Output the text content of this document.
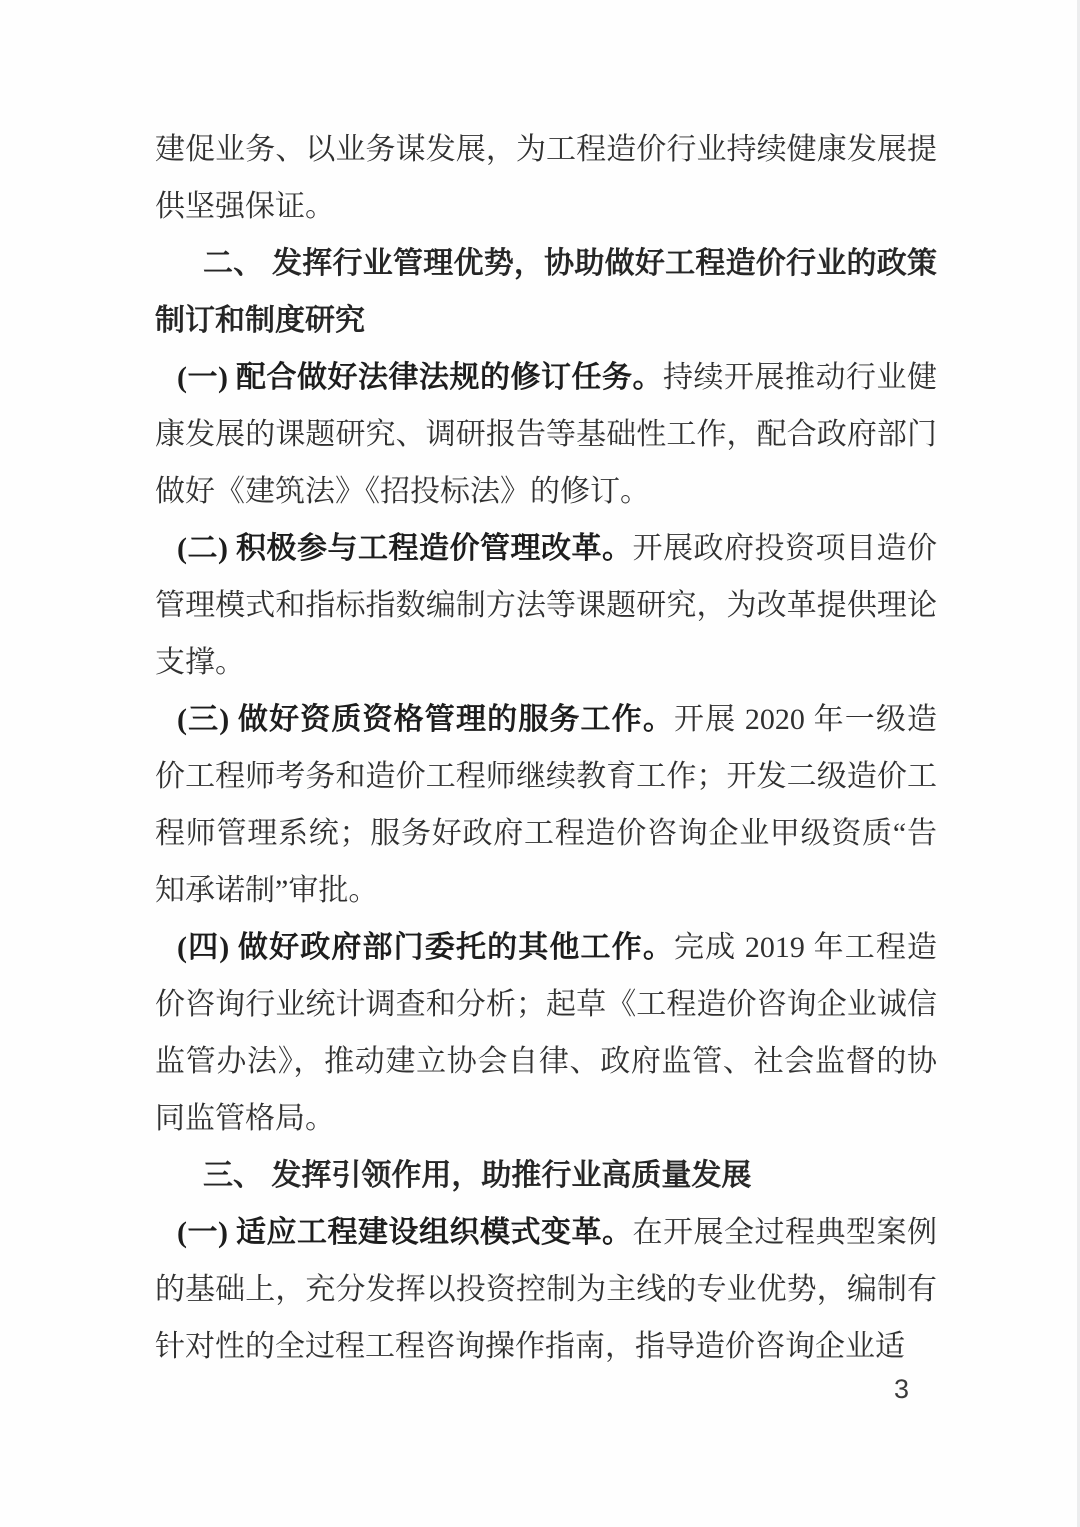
建促业务、以业务谋发展，为工程造价行业持续健康发展提供坚强保证。

二、 发挥行业管理优势，协助做好工程造价行业的政策制订和制度研究

(一) 配合做好法律法规的修订任务。持续开展推动行业健康发展的课题研究、调研报告等基础性工作，配合政府部门做好《建筑法》《招投标法》的修订。

(二) 积极参与工程造价管理改革。开展政府投资项目造价管理模式和指标指数编制方法等课题研究，为改革提供理论支撑。

(三) 做好资质资格管理的服务工作。开展 2020 年一级造价工程师考务和造价工程师继续教育工作；开发二级造价工程师管理系统；服务好政府工程造价咨询企业甲级资质“告知承诺制”审批。

(四) 做好政府部门委托的其他工作。完成 2019 年工程造价咨询行业统计调查和分析；起草《工程造价咨询企业诚信监管办法》，推动建立协会自律、政府监管、社会监督的协同监管格局。

三、 发挥引领作用，助推行业高质量发展

(一) 适应工程建设组织模式变革。在开展全过程典型案例的基础上，充分发挥以投资控制为主线的专业优势，编制有针对性的全过程工程咨询操作指南，指导造价咨询企业适

3
